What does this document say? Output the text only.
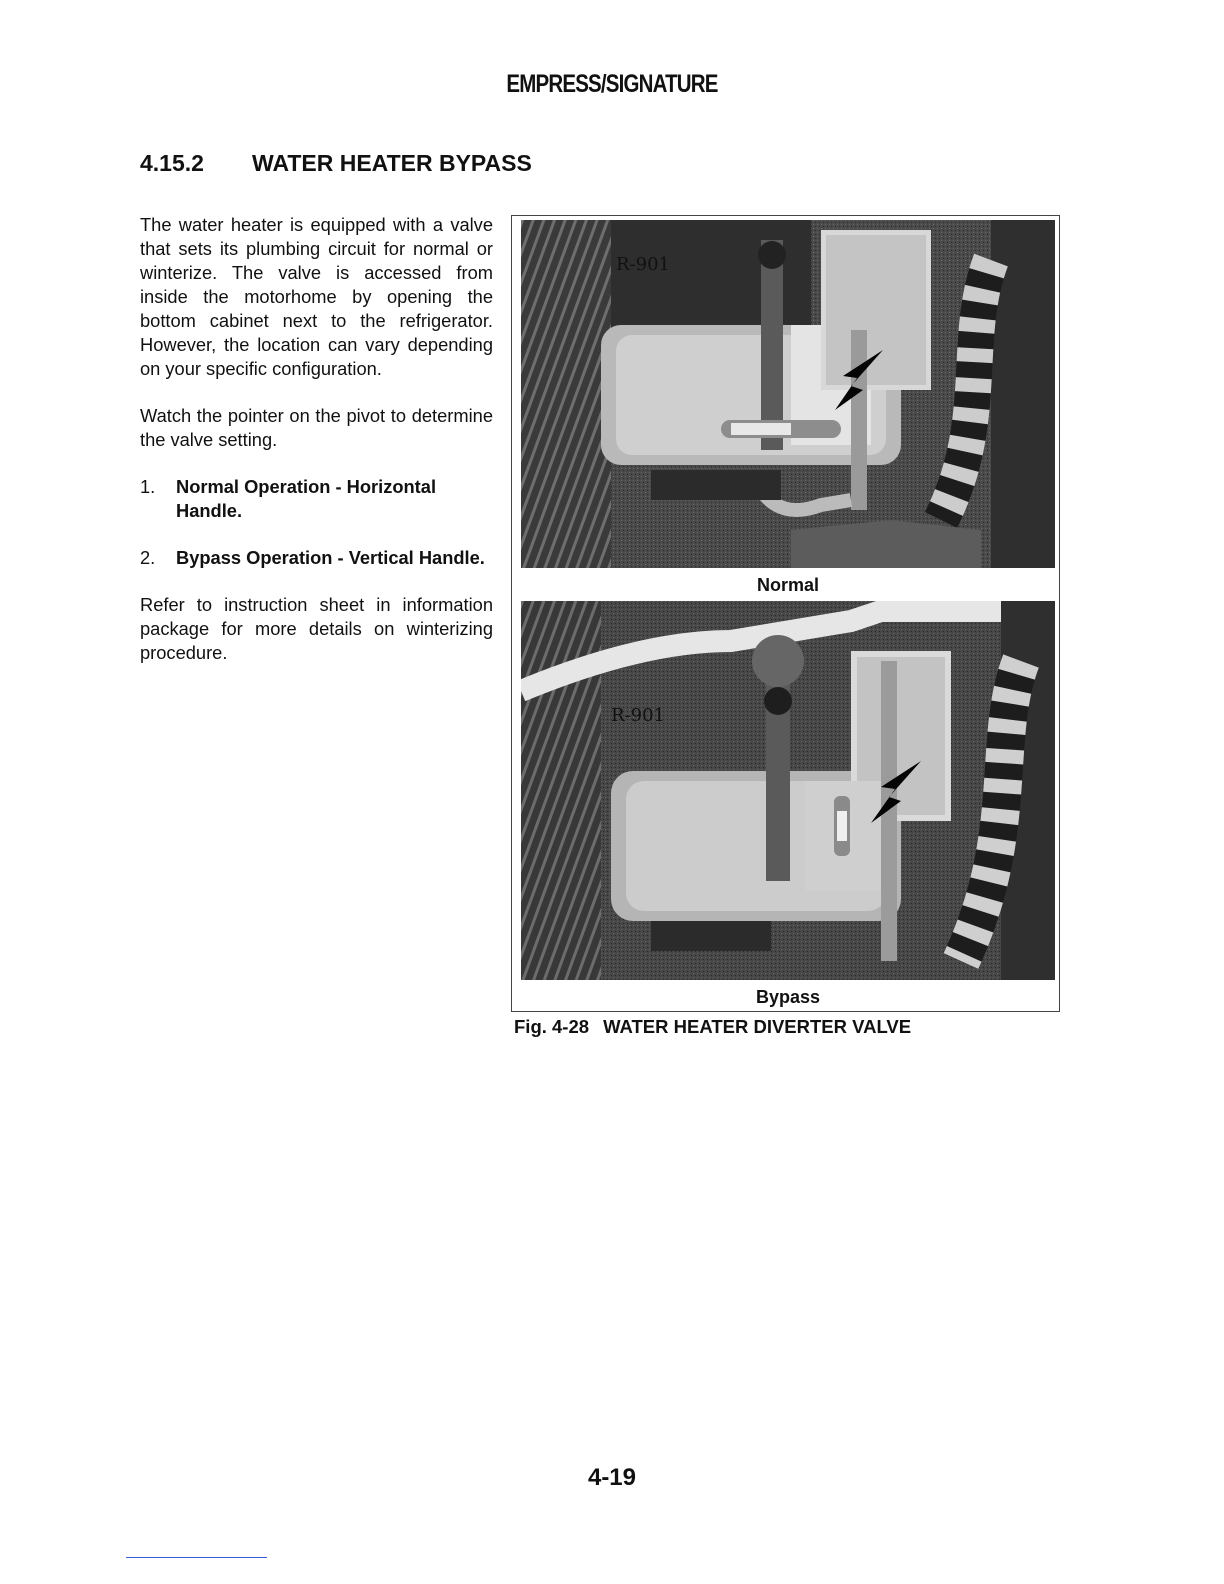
EMPRESS/SIGNATURE
4.15.2 WATER HEATER BYPASS

The water heater is equipped with a valve that sets its plumbing circuit for normal or winterize. The valve is accessed from inside the motorhome by opening the bottom cabinet next to the refrigerator. However, the location can vary depending on your specific configuration.

Watch the pointer on the pivot to determine the valve setting.

1. Normal Operation - Horizontal Handle.
2. Bypass Operation - Vertical Handle.

Refer to instruction sheet in information package for more details on winterizing procedure.

R-901
Normal
R-901
Bypass
Fig. 4-28 WATER HEATER DIVERTER VALVE
4-19
